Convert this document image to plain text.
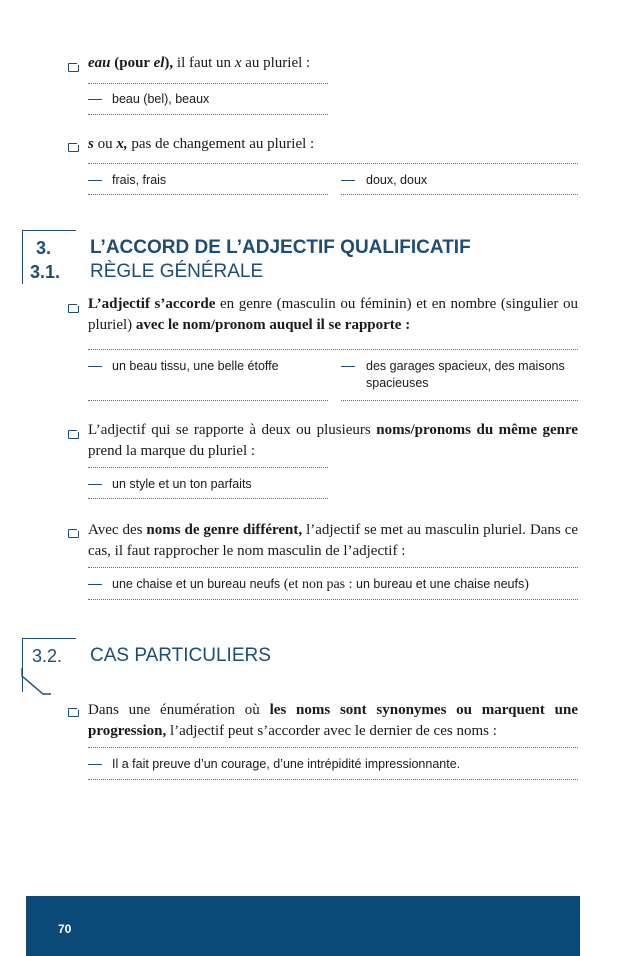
eau (pour el), il faut un x au pluriel :
beau (bel), beaux
s ou x, pas de changement au pluriel :
frais, frais	doux, doux
3.
3.1.
L’ACCORD DE L’ADJECTIF QUALIFICATIF
RÈGLE GÉNÉRALE
L’adjectif s’accorde en genre (masculin ou féminin) et en nombre (singulier ou pluriel) avec le nom/pronom auquel il se rapporte :
un beau tissu, une belle étoffe	des garages spacieux, des maisons spacieuses
L’adjectif qui se rapporte à deux ou plusieurs noms/pronoms du même genre prend la marque du pluriel :
un style et un ton parfaits
Avec des noms de genre différent, l’adjectif se met au masculin pluriel. Dans ce cas, il faut rapprocher le nom masculin de l’adjectif :
une chaise et un bureau neufs (et non pas : un bureau et une chaise neufs)
3.2. CAS PARTICULIERS
Dans une énumération où les noms sont synonymes ou marquent une progression, l’adjectif peut s’accorder avec le dernier de ces noms :
Il a fait preuve d’un courage, d’une intrépidité impressionnante.
70
